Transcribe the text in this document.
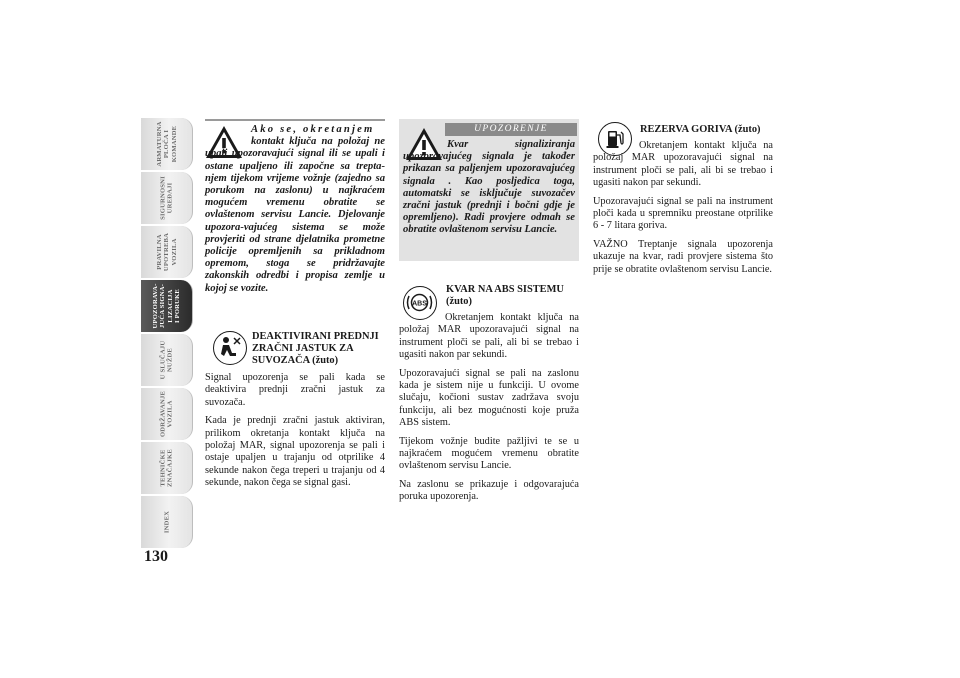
ARMATURNA
PLOČA I
KOMANDE
SIGURNOSNI
UREĐAJI
PRAVILNA
UPOTREBA
VOZILA
UPOZORAVA-
JUĆA SIGNA-
LIZACIJA
I PORUKE
U SLUČAJU
NUŽDE
ODRŽAVANJE
VOZILA
TEHNIČKE
ZNAČAJKE
INDEX
130
Ako se, okretanjem
kontakt ključa na položaj ne upali upozoravajući signal ili se upali i ostane upaljeno ili započne sa trepta-njem tijekom vrijeme vožnje (zajedno sa porukom na zaslonu) u najkraćem mogućem vremenu obratite se ovlaštenom servisu Lancie. Djelovanje upozora-vajućeg sistema se može provjeriti od strane djelatnika prometne policije opremljenih sa prikladnom opremom, stoga se pridržavajte zakonskih odredbi i propisa zemlje u kojoj se vozite.
DEAKTIVIRANI PREDNJI ZRAČNI JASTUK ZA SUVOZAČA (žuto)

Signal upozorenja se pali kada se deaktivira prednji zračni jastuk za suvozača.

Kada je prednji zračni jastuk aktiviran, prilikom okretanja kontakt ključa na položaj MAR, signal upozorenja se pali i ostaje upaljen u trajanju od otprilike 4 sekunde nakon čega treperi u trajanju od 4 sekunde, nakon čega se signal gasi.

UPOZORENJE
Kvar signaliziranja upozoravajućeg signala je također prikazan sa paljenjem upozoravajućeg signala . Kao posljedica toga, automatski se isključuje suvozačev zračni jastuk (prednji i bočni gdje je opremljeno). Radi provjere odmah se obratite ovlaštenom servisu Lancie.
ABS
KVAR NA ABS SISTEMU (žuto)

Okretanjem kontakt ključa na položaj MAR upozoravajući signal na instrument ploči se pali, ali bi se trebao i ugasiti nakon par sekundi.

Upozoravajući signal se pali na zaslonu kada je sistem nije u funkciji. U ovome slučaju, kočioni sustav zadržava svoju funkciju, ali bez mogućnosti koje pruža ABS sistem.

Tijekom vožnje budite pažljivi te se u najkraćem mogućem vremenu obratite ovlaštenom servisu Lancie.

Na zaslonu se prikazuje i odgovarajuća poruka upozorenja.

REZERVA GORIVA (žuto)

Okretanjem kontakt ključa na položaj MAR upozoravajući signal na instrument ploči se pali, ali bi se trebao i ugasiti nakon par sekundi.

Upozoravajući signal se pali na instrument ploči kada u spremniku preostane otprilike 6 - 7 litara goriva.

VAŽNO Treptanje signala upozorenja ukazuje na kvar, radi provjere sistema što prije se obratite ovlaštenom servisu Lancie.
